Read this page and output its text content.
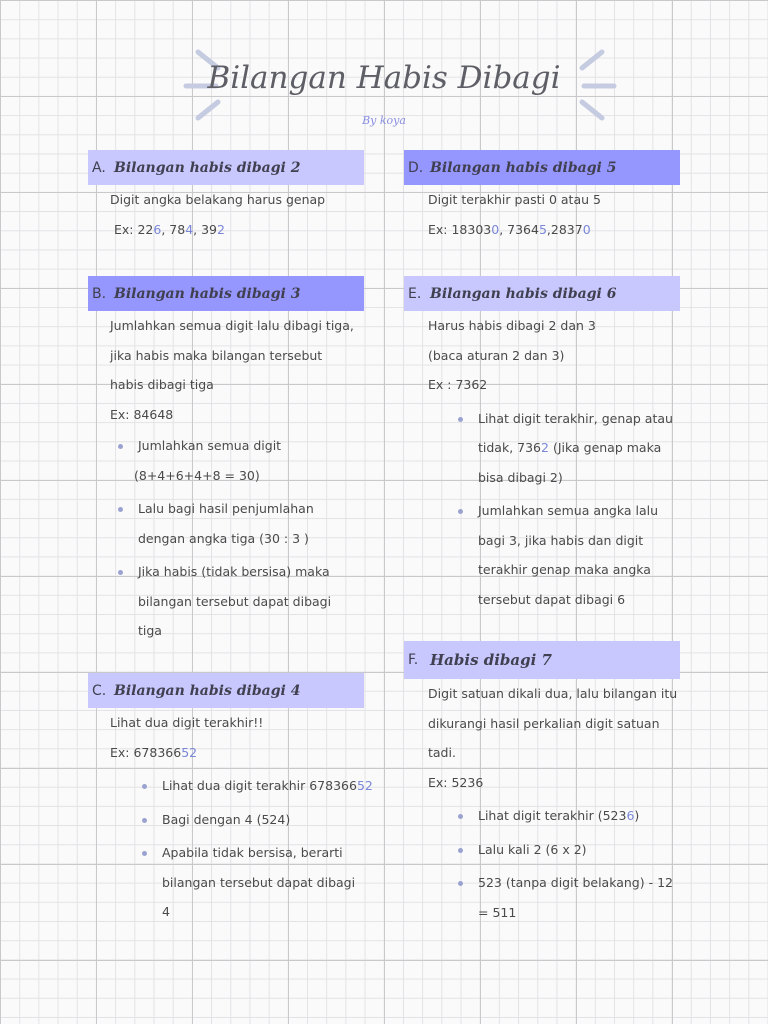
Bilangan Habis Dibagi
By koya
A. Bilangan habis dibagi 2
Digit angka belakang harus genap
Ex: 226, 784, 392
B. Bilangan habis dibagi 3
Jumlahkan semua digit lalu dibagi tiga,
jika habis maka bilangan tersebut
habis dibagi tiga
Ex: 84648
Jumlahkan semua digit
(8+4+6+4+8 = 30)
Lalu bagi hasil penjumlahan
dengan angka tiga (30 : 3 )
Jika habis (tidak bersisa) maka
bilangan tersebut dapat dibagi
tiga
C. Bilangan habis dibagi 4
Lihat dua digit terakhir!!
Ex: 67836652
Lihat dua digit terakhir 67836652
Bagi dengan 4 (524)
Apabila tidak bersisa, berarti
bilangan tersebut dapat dibagi
4
D. Bilangan habis dibagi 5
Digit terakhir pasti 0 atau 5
Ex: 183030, 73645,28370
E. Bilangan habis dibagi 6
Harus habis dibagi 2 dan 3
(baca aturan 2 dan 3)
Ex : 7362
Lihat digit terakhir, genap atau
tidak, 7362 (Jika genap maka
bisa dibagi 2)
Jumlahkan semua angka lalu
bagi 3, jika habis dan digit
terakhir genap maka angka
tersebut dapat dibagi 6
F. Habis dibagi 7
Digit satuan dikali dua, lalu bilangan itu
dikurangi hasil perkalian digit satuan
tadi.
Ex: 5236
Lihat digit terakhir (5236)
Lalu kali 2 (6 x 2)
523 (tanpa digit belakang) - 12
= 511
